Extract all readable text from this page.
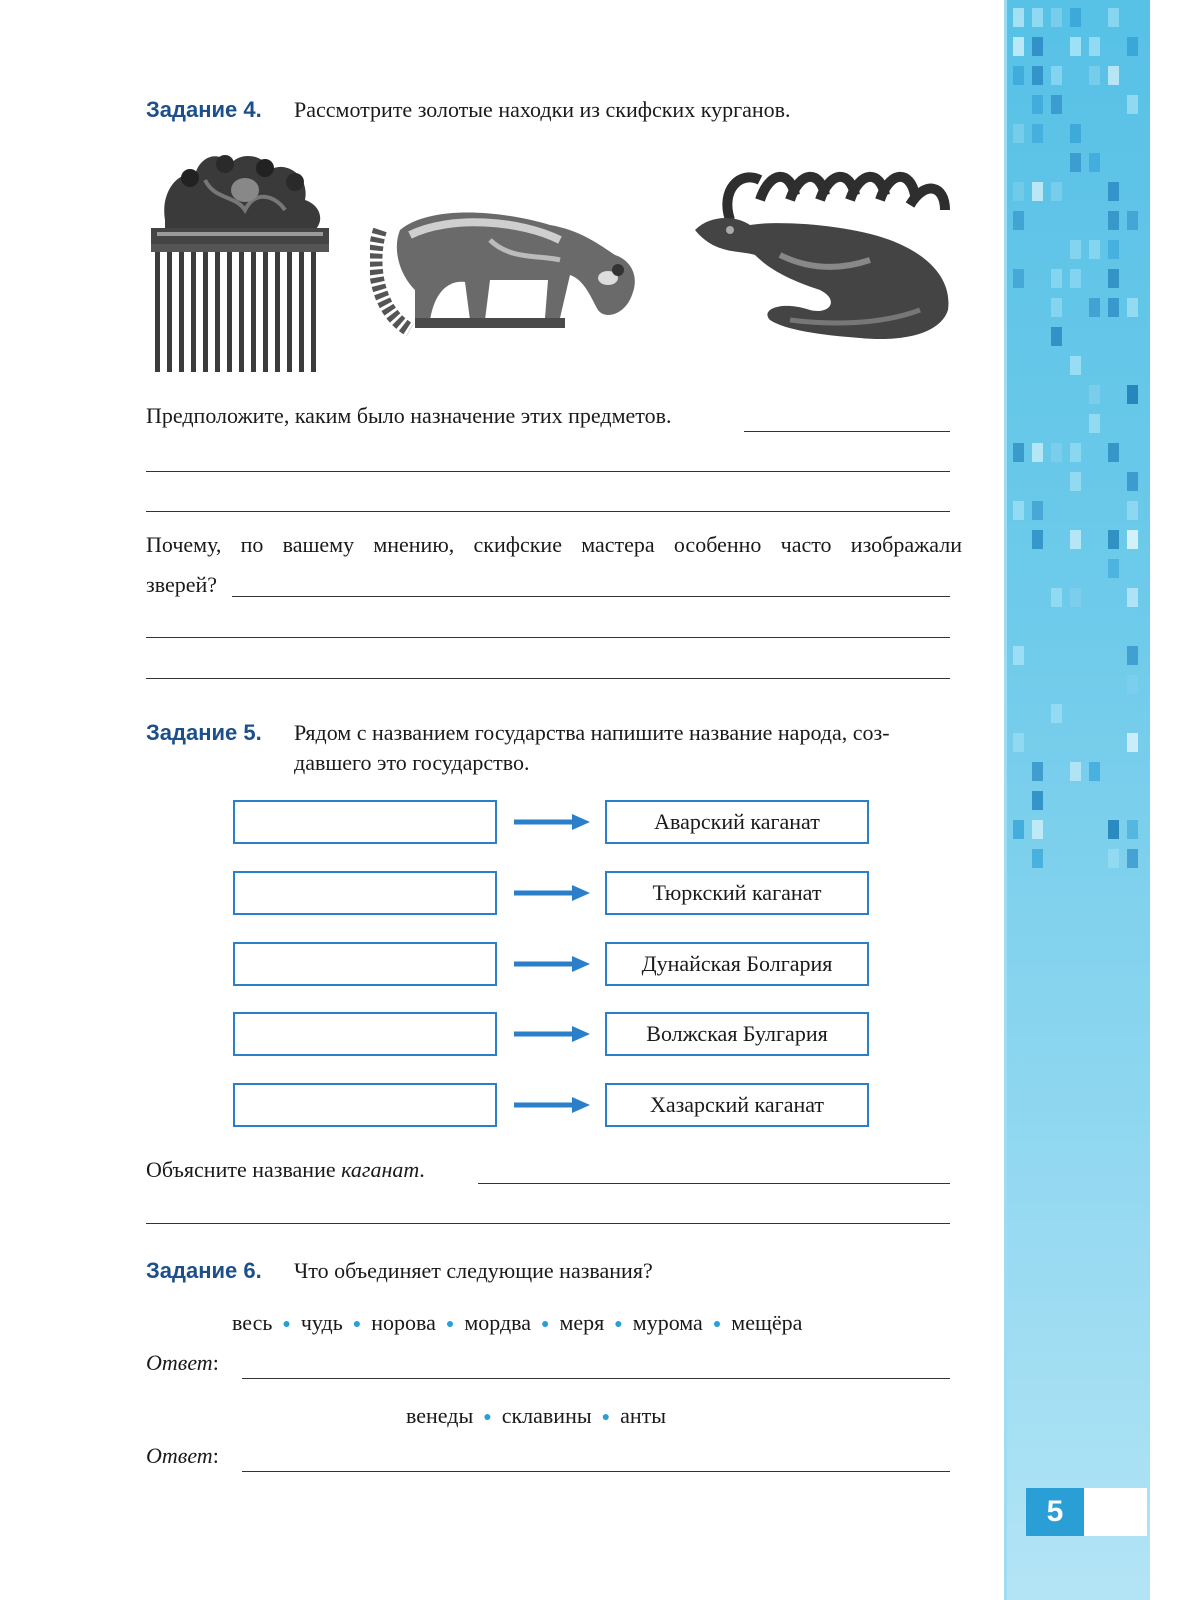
5
Задание 4. Рассмотрите золотые находки из скифских курганов.
Предположите, каким было назначение этих предметов.
Почему, по вашему мнению, скифские мастера особенно часто изображали
зверей?
Задание 5. Рядом с названием государства напишите название народа, соз-
давшего это государство.
Аварский каганат
Тюркский каганат
Дунайская Болгария
Волжская Булгария
Хазарский каганат
Объясните название каганат.
Задание 6. Что объединяет следующие названия?
весь ● чудь ● норова ● мордва ● меря ● мурома ● мещёра
Ответ:
венеды ● склавины ● анты
Ответ:
